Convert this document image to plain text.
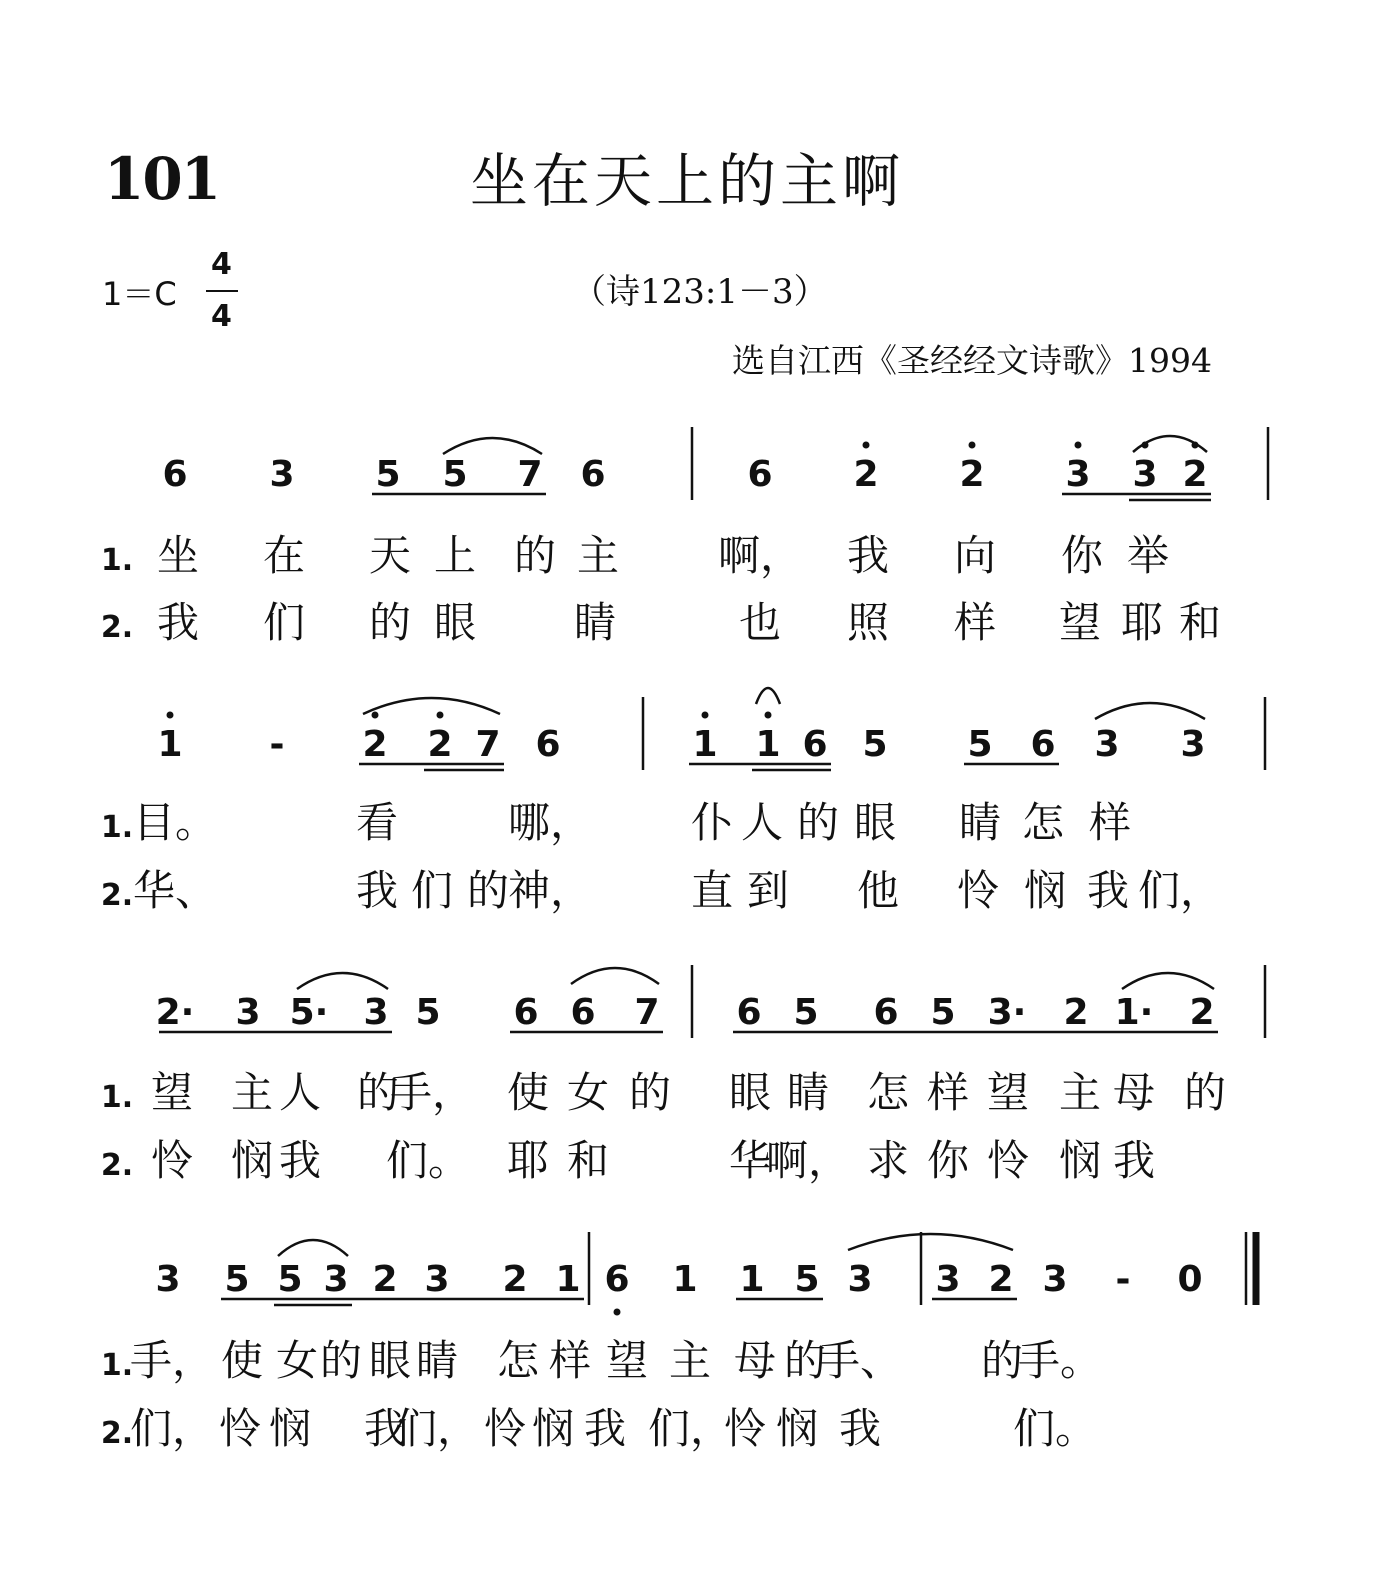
101	坐在天上的主啊
1＝C
4
4
（诗123:1－3）
选自江西《圣经经文诗歌》1994
6 3 5 5 7 6	6 2 2 3 3 2
1.
2.
坐 在 天 上 的 主 啊， 我 向 你 举
我 们 的 眼 睛	也 照 样 望 耶 和
1 - 2 2 7 6	1 1 6 5 5 6 3 3
1.
2.
目。	看	哪， 仆 人 的 眼 睛 怎 样
华、	我 们 的
神， 直 到 他 怜 悯 我 们，
2· 3 5· 3 5 6 6 7 6 5 6 5 3· 2 1· 2
1.
2.
望 主 人 的
手， 使 女 的 眼 睛 怎 样 望 主 母 的
怜 悯 我 们。 耶 和	华
啊， 求 你 怜 悯 我
3 5 5 3 2 3 2 1 6 1 1 5 3 3 2 3 - 0
1.
2.
手， 使 女 的 眼 睛 怎 样 望 主 母 的
手、 的
手。
们， 怜 悯 我
们， 怜 悯 我 们，
怜 悯 我	们。
